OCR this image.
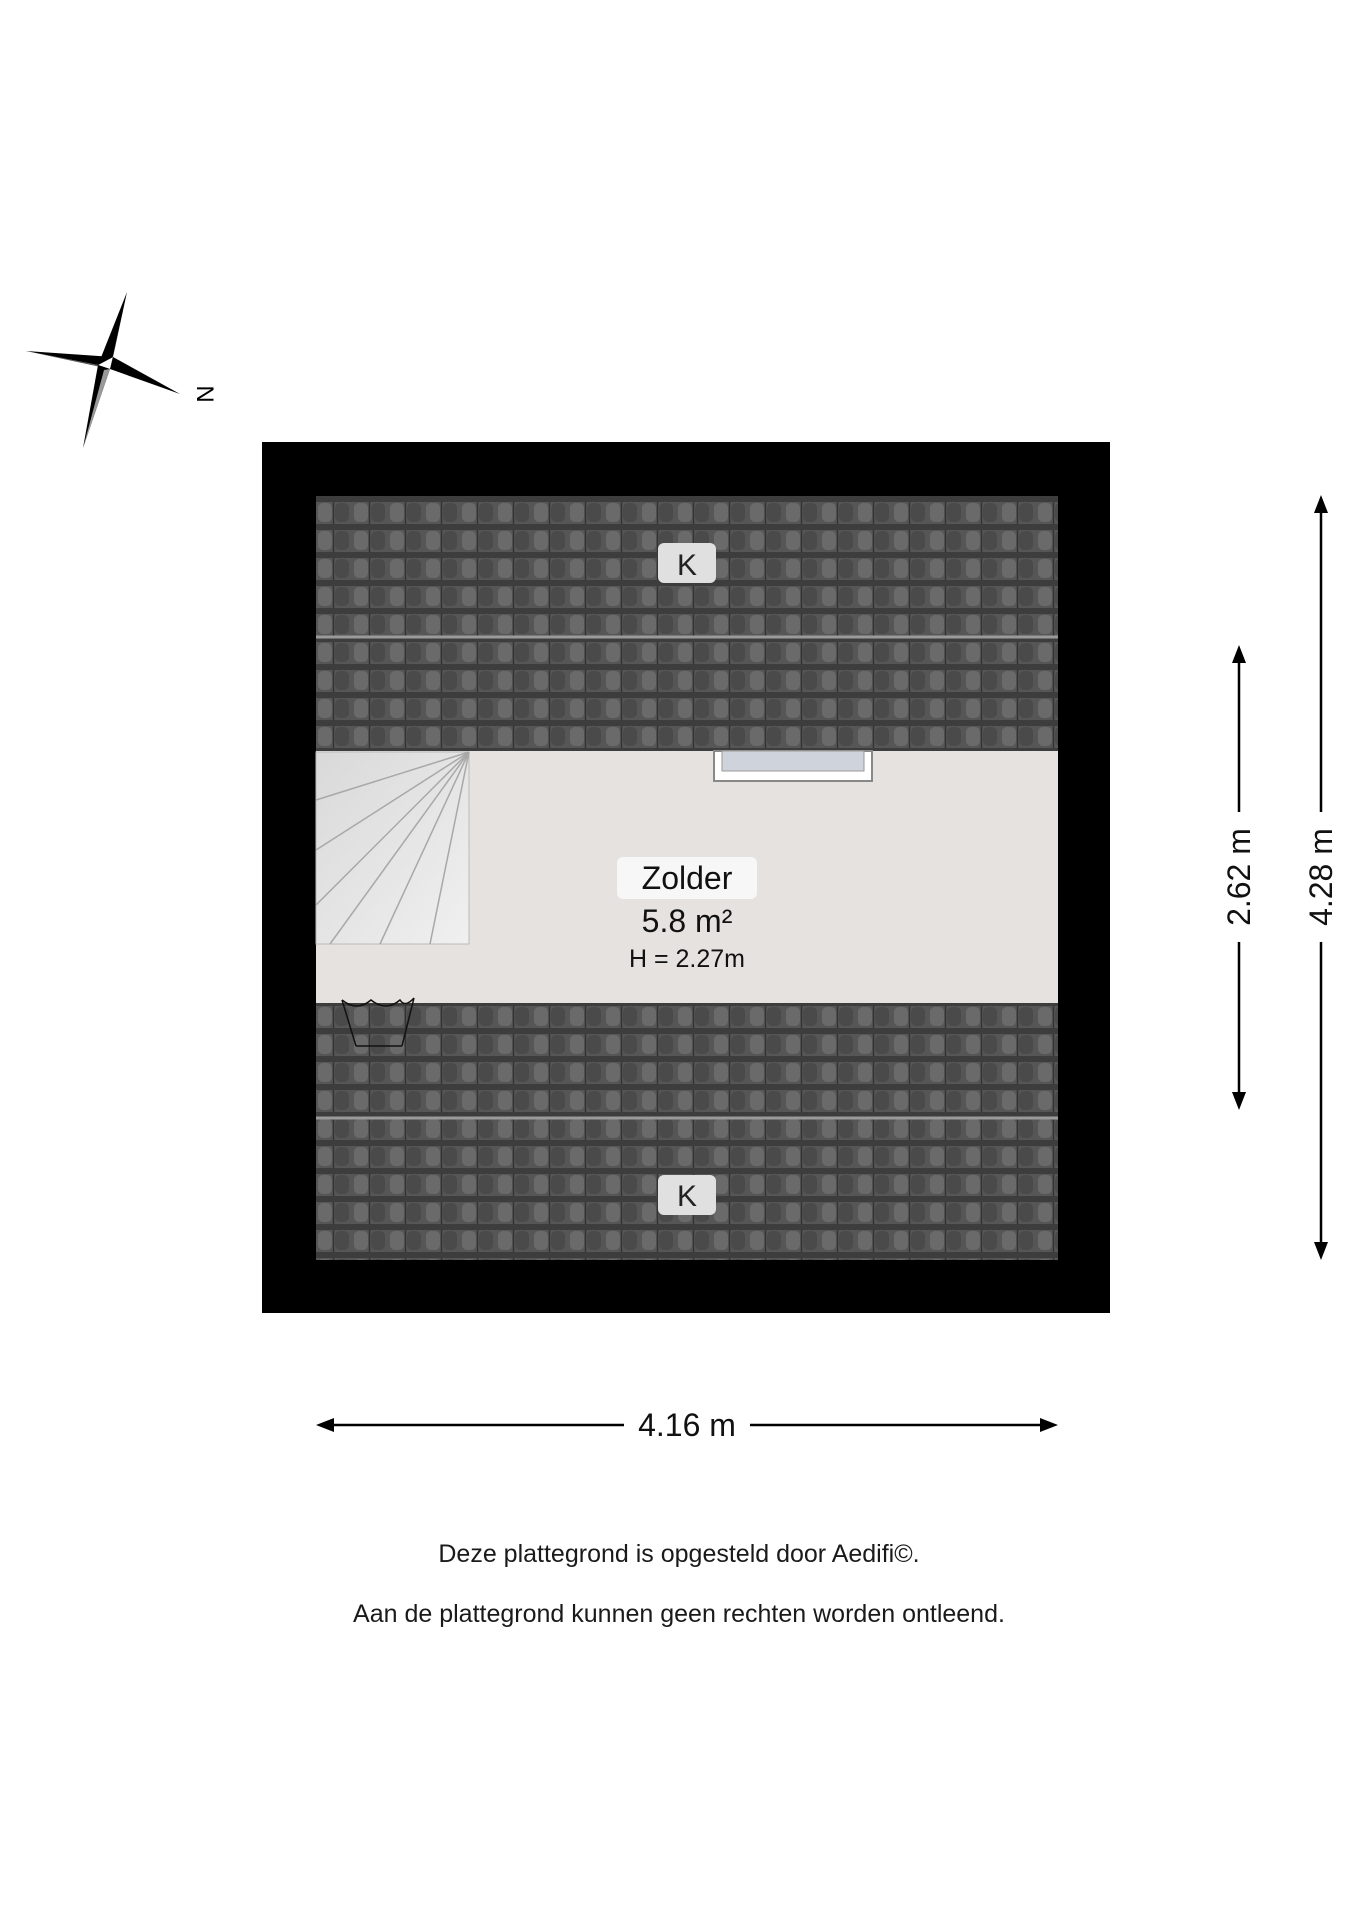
N
K
K
Zolder
5.8 m²
H = 2.27m
4.16 m
2.62 m 4.28 m
Deze plattegrond is opgesteld door Aedifi©.
Aan de plattegrond kunnen geen rechten worden ontleend.
